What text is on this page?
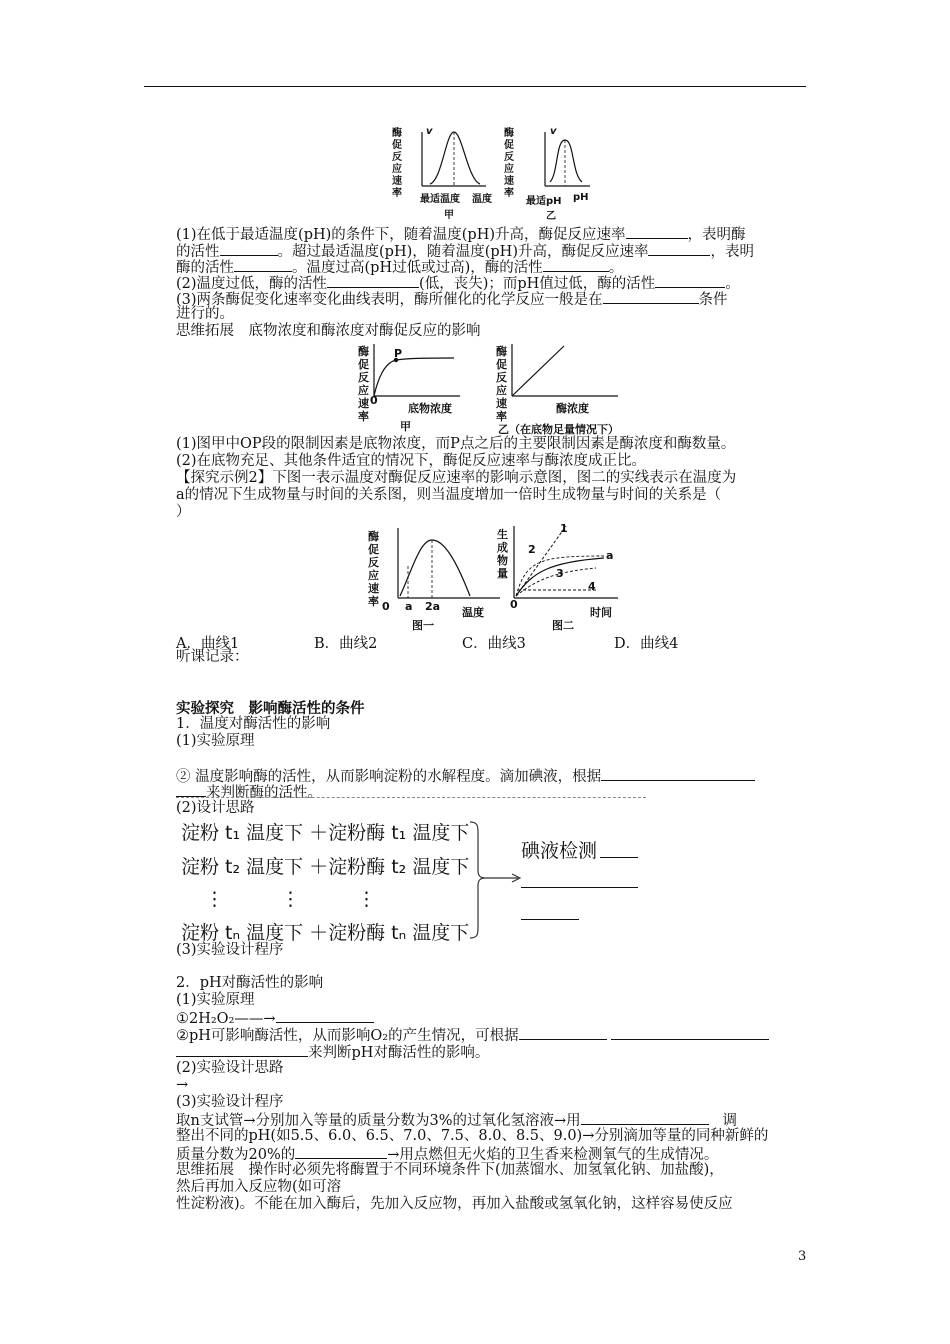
酶促反应速率
v
最适温度 温度
甲
酶促反应速率
v
最适pH pH
乙
(1)在低于最适温度(pH)的条件下，随着温度(pH)升高，酶促反应速率	，表明酶
的活性	。超过最适温度(pH)，随着温度(pH)升高，酶促反应速率	，表明
酶的活性	。温度过高(pH过低或过高)，酶的活性	。
(2)温度过低，酶的活性	(低，丧失)；而pH值过低，酶的活性	。
(3)两条酶促变化速率变化曲线表明，酶所催化的化学反应一般是在	条件
进行的。
思维拓展　底物浓度和酶浓度对酶促反应的影响
酶促反应速率
P
0
底物浓度
甲
酶促反应速率
酶浓度
乙（在底物足量情况下）
(1)图甲中OP段的限制因素是底物浓度，而P点之后的主要限制因素是酶浓度和酶数量。
(2)在底物充足、其他条件适宜的情况下，酶促反应速率与酶浓度成正比。
【探究示例2】下图一表示温度对酶促反应速率的影响示意图，图二的实线表示在温度为
a的情况下生成物量与时间的关系图，则当温度增加一倍时生成物量与时间的关系是（
）
酶促反应速率 0 a 2a 温度
图一
生成物量
1
2	a
3
4
0
时间
图二
A．曲线1	B．曲线2	C．曲线3	D．曲线4
听课记录：
实验探究　影响酶活性的条件
1．温度对酶活性的影响
(1)实验原理
② 温度影响酶的活性，从而影响淀粉的水解程度。滴加碘液，根据
来判断酶的活性。
(2)设计思路
淀粉 t₁ 温度下 ＋淀粉酶 t₁ 温度下
淀粉 t₂ 温度下 ＋淀粉酶 t₂ 温度下
⋮　　　⋮　　　⋮
淀粉 tₙ 温度下 ＋淀粉酶 tₙ 温度下
碘液检测
(3)实验设计程序
2．pH对酶活性的影响
(1)实验原理
①2H₂O₂——→
②pH可影响酶活性，从而影响O₂的产生情况，可根据
来判断pH对酶活性的影响。
(2)实验设计思路
→
(3)实验设计程序
取n支试管→分别加入等量的质量分数为3%的过氧化氢溶液→用	调
整出不同的pH(如5.5、6.0、6.5、7.0、7.5、8.0、8.5、9.0)→分别滴加等量的同种新鲜的
质量分数为20%的	→用点燃但无火焰的卫生香来检测氧气的生成情况。
思维拓展　操作时必须先将酶置于不同环境条件下(加蒸馏水、加氢氧化钠、加盐酸)，
然后再加入反应物(如可溶
性淀粉液)。不能在加入酶后，先加入反应物，再加入盐酸或氢氧化钠，这样容易使反应
3
